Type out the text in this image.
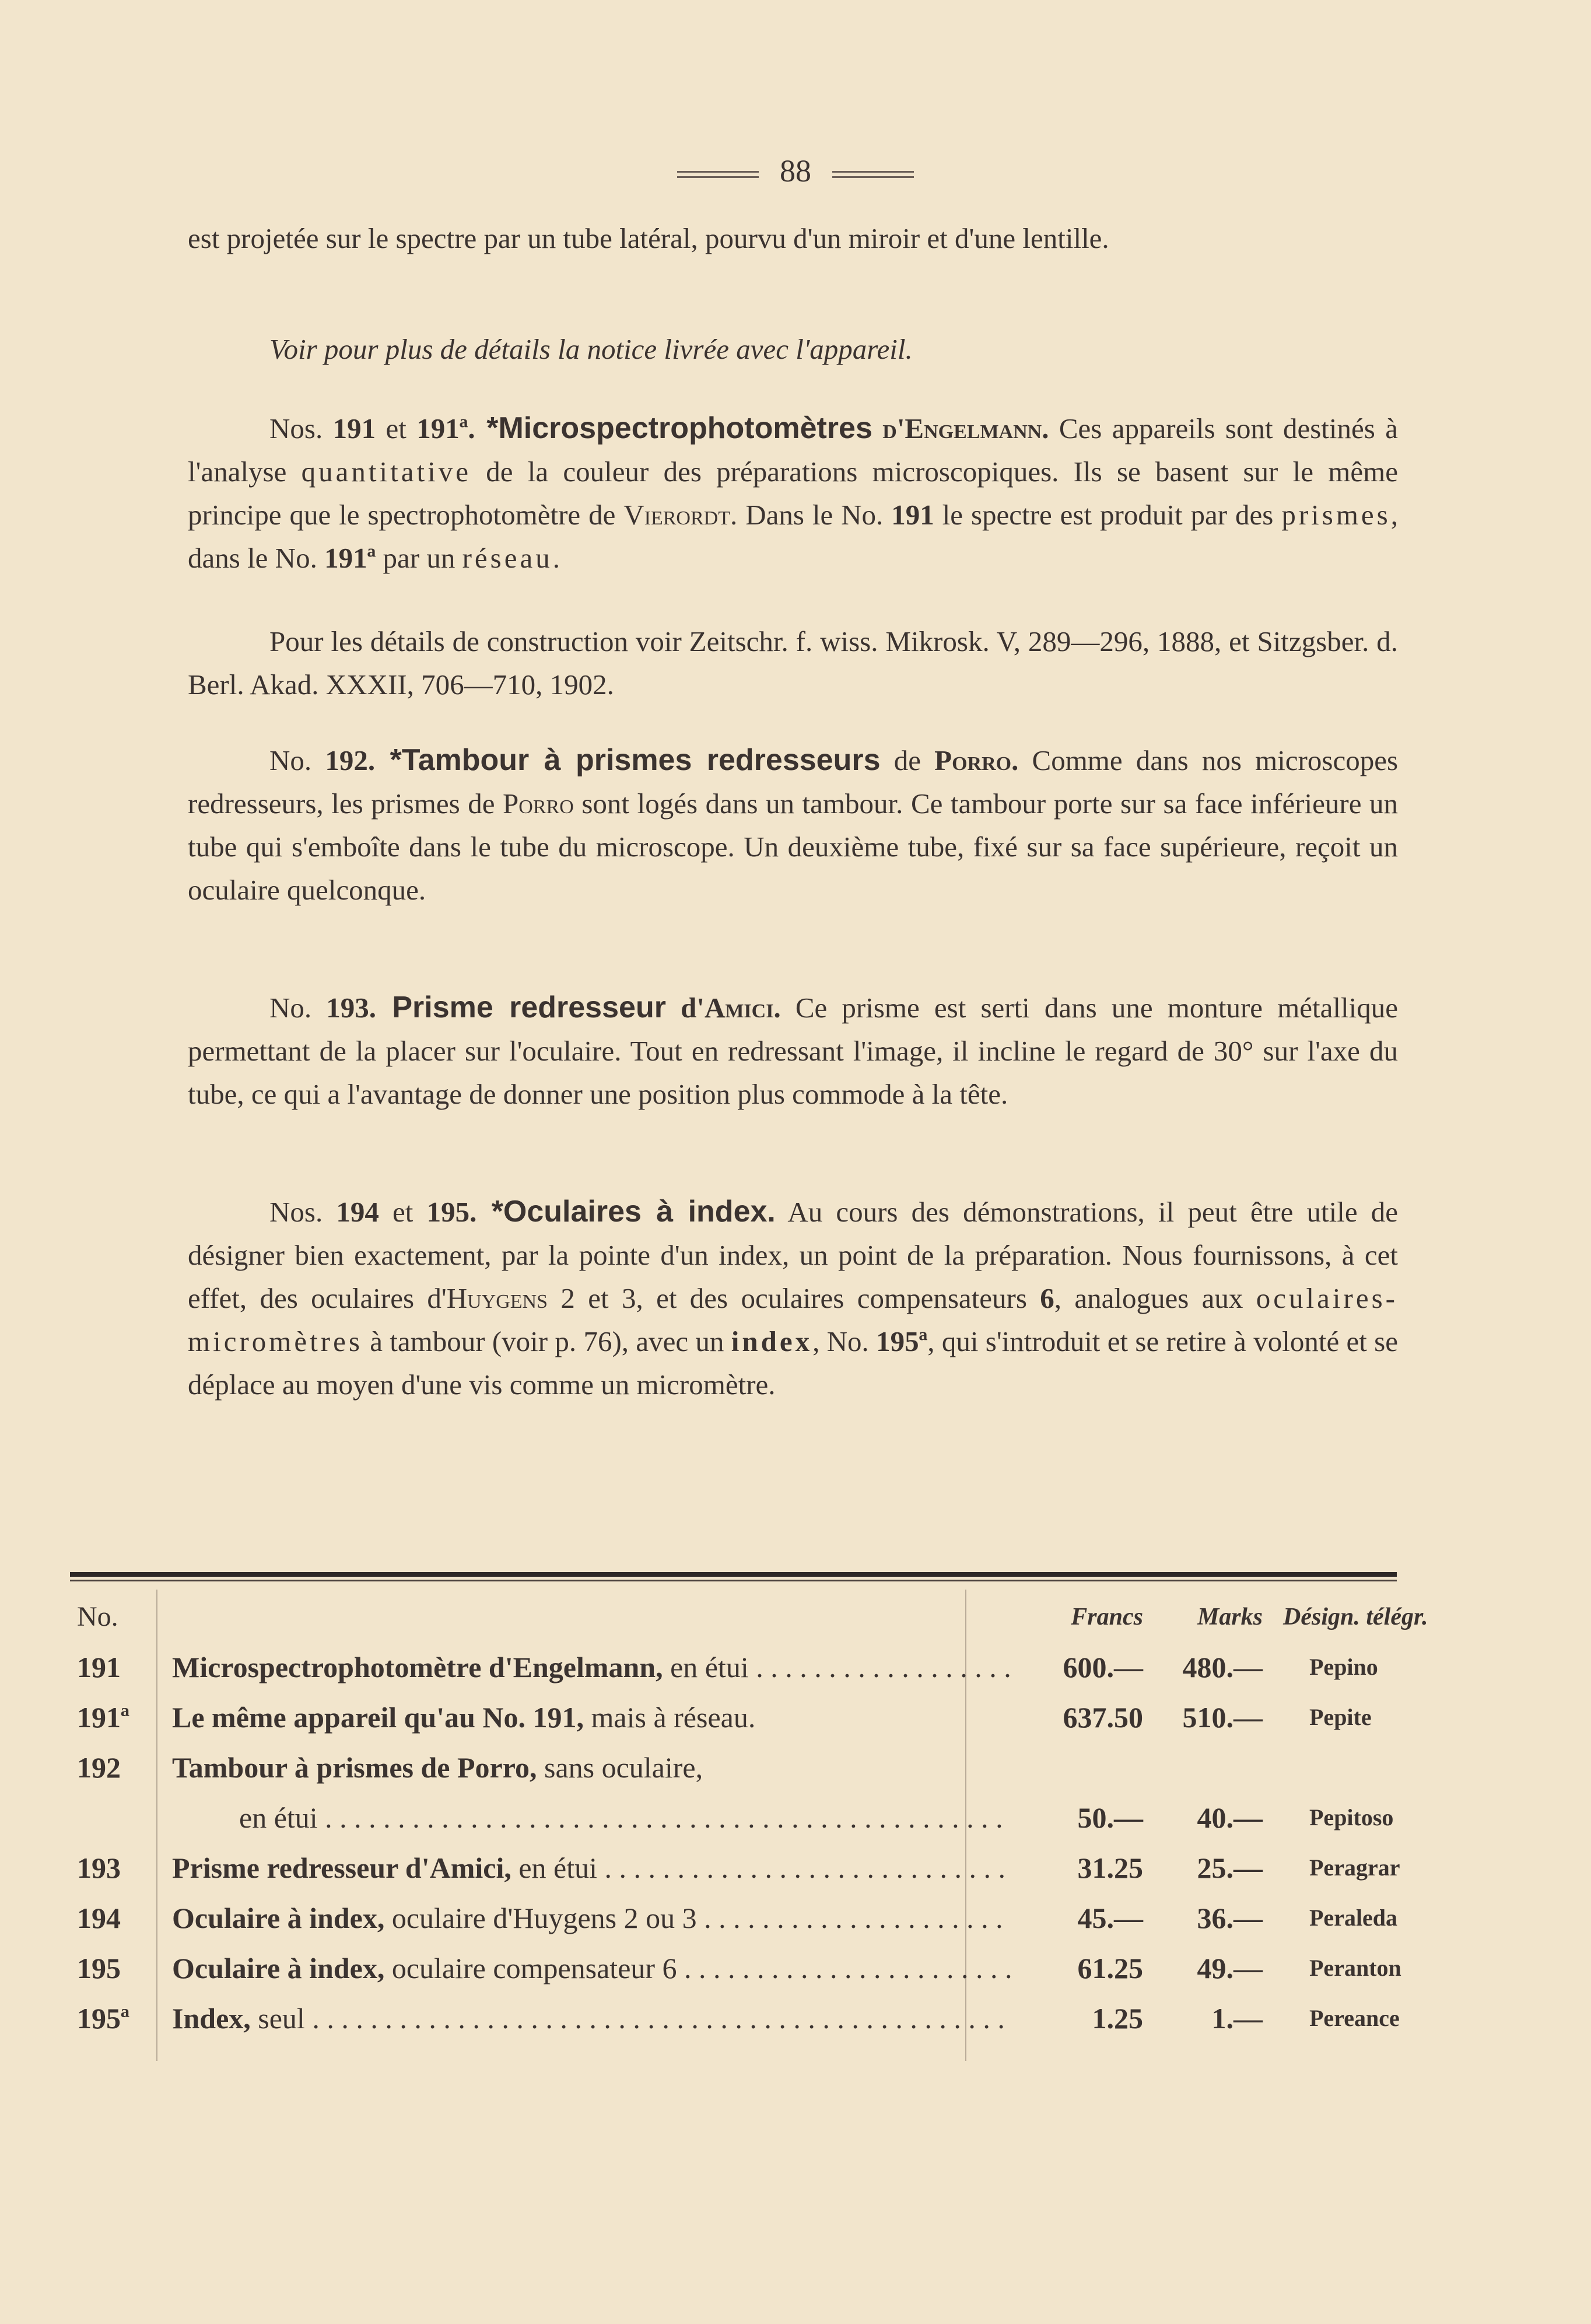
88

est projetée sur le spectre par un tube latéral, pourvu d'un miroir et d'une lentille.

Voir pour plus de détails la notice livrée avec l'appareil.

Nos. 191 et 191ª. *Microspectrophotomètres d'Engelmann. Ces appareils sont destinés à l'analyse quantitative de la couleur des préparations microscopiques. Ils se basent sur le même principe que le spectrophotomètre de Vierordt. Dans le No. 191 le spectre est produit par des prismes, dans le No. 191ª par un réseau.

Pour les détails de construction voir Zeitschr. f. wiss. Mikrosk. V, 289—296, 1888, et Sitzgsber. d. Berl. Akad. XXXII, 706—710, 1902.

No. 192. *Tambour à prismes redresseurs de Porro. Comme dans nos microscopes redresseurs, les prismes de Porro sont logés dans un tambour. Ce tambour porte sur sa face inférieure un tube qui s'emboîte dans le tube du microscope. Un deuxième tube, fixé sur sa face supérieure, reçoit un oculaire quelconque.

No. 193. Prisme redresseur d'Amici. Ce prisme est serti dans une monture métallique permettant de la placer sur l'oculaire. Tout en redressant l'image, il incline le regard de 30° sur l'axe du tube, ce qui a l'avantage de donner une position plus commode à la tête.

Nos. 194 et 195. *Oculaires à index. Au cours des démonstrations, il peut être utile de désigner bien exactement, par la pointe d'un index, un point de la préparation. Nous fournissons, à cet effet, des oculaires d'Huygens 2 et 3, et des oculaires compensateurs 6, analogues aux oculaires-micromètres à tambour (voir p. 76), avec un index, No. 195ª, qui s'introduit et se retire à volonté et se déplace au moyen d'une vis comme un micromètre.

No.	Francs	Marks Désign. télégr.
191 Microspectrophotomètre d'Engelmann, en étui . . .	600.—	480.—	Pepino
191ª Le même appareil qu'au No. 191, mais à réseau.	637.50	510.—	Pepite
192 Tambour à prismes de Porro, sans oculaire,
en étui . . .	50.—	40.—	Pepitoso
193 Prisme redresseur d'Amici, en étui . . .	31.25	25.—	Peragrar
194 Oculaire à index, oculaire d'Huygens 2 ou 3 . . .	45.—	36.—	Peraleda
195 Oculaire à index, oculaire compensateur 6 . . .	61.25	49.—	Peranton
195ª Index, seul . . .	1.25	1.—	Pereance
